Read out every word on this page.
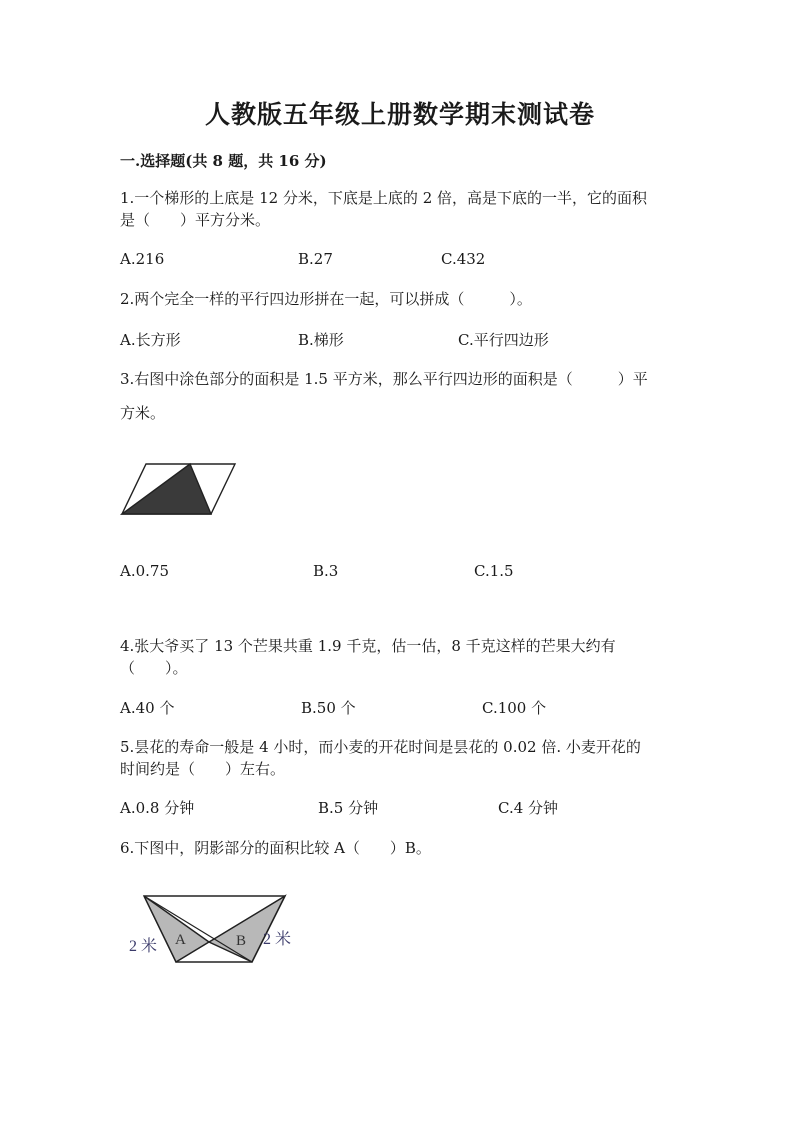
人教版五年级上册数学期末测试卷
一.选择题(共 8 题，共 16 分)
1.一个梯形的上底是 12 分米，下底是上底的 2 倍，高是下底的一半，它的面积
是（　　）平方分米。
A.216	B.27	C.432
2.两个完全一样的平行四边形拼在一起，可以拼成（　　　）。
A.长方形	B.梯形	C.平行四边形
3.右图中涂色部分的面积是 1.5 平方米，那么平行四边形的面积是（　　　）平
方米。
A.0.75	B.3	C.1.5
4.张大爷买了 13 个芒果共重 1.9 千克，估一估，8 千克这样的芒果大约有
（　　）。
A.40 个	B.50 个	C.100 个
5.昙花的寿命一般是 4 小时，而小麦的开花时间是昙花的 0.02 倍. 小麦开花的
时间约是（　　）左右。
A.0.8 分钟	B.5 分钟	C.4 分钟
6.下图中，阴影部分的面积比较 A（　　）B。
A	B
2 米	2 米
